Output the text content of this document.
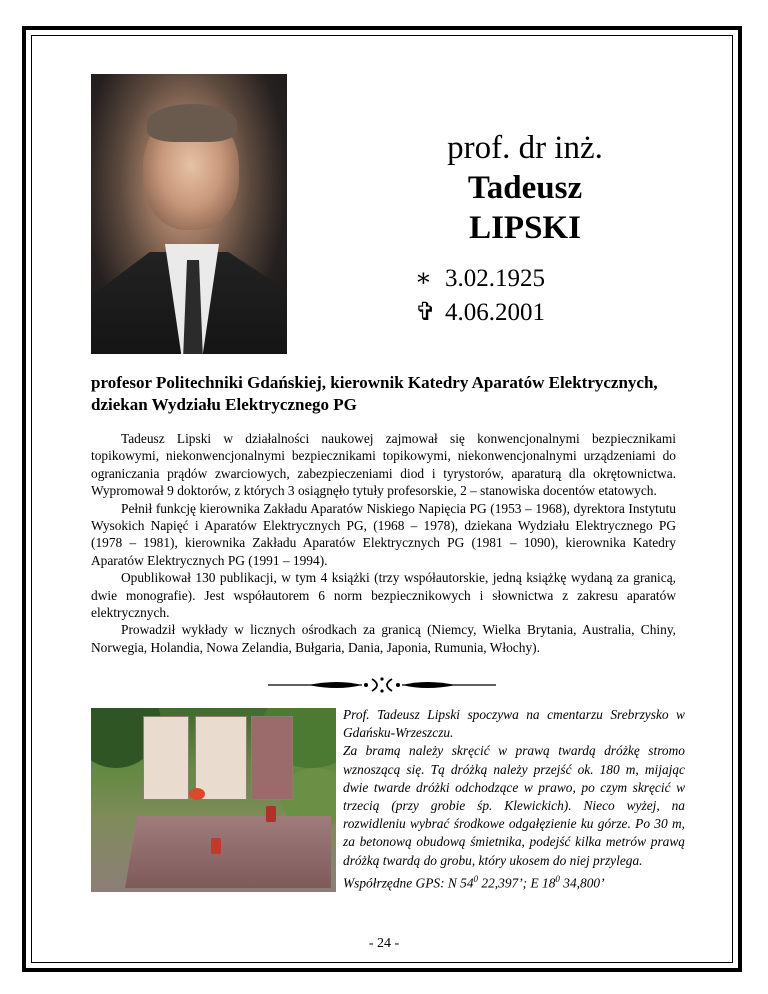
prof. dr inż.
Tadeusz
LIPSKI
∗ 3.02.1925
✞ 4.06.2001
profesor Politechniki Gdańskiej, kierownik Katedry Aparatów Elektrycznych, dziekan Wydziału Elektrycznego PG

Tadeusz Lipski w działalności naukowej zajmował się konwencjonalnymi bezpiecznikami topikowymi, niekonwencjonalnymi bezpiecznikami topikowymi, niekonwencjonalnymi urządzeniami do ograniczania prądów zwarciowych, zabezpieczeniami diod i tyrystorów, aparaturą dla okrętownictwa. Wypromował 9 doktorów, z których 3 osiągnęło tytuły profesorskie, 2 – stanowiska docentów etatowych.

Pełnił funkcję kierownika Zakładu Aparatów Niskiego Napięcia PG (1953 – 1968), dyrektora Instytutu Wysokich Napięć i Aparatów Elektrycznych PG, (1968 – 1978), dziekana Wydziału Elektrycznego PG (1978 – 1981), kierownika Zakładu Aparatów Elektrycznych PG (1981 – 1090), kierownika Katedry Aparatów Elektrycznych PG (1991 – 1994).

Opublikował 130 publikacji, w tym 4 książki (trzy współautorskie, jedną książkę wydaną za granicą, dwie monografie). Jest współautorem 6 norm bezpiecznikowych i słownictwa z zakresu aparatów elektrycznych.

Prowadził wykłady w licznych ośrodkach za granicą (Niemcy, Wielka Brytania, Australia, Chiny, Norwegia, Holandia, Nowa Zelandia, Bułgaria, Dania, Japonia, Rumunia, Włochy).

Prof. Tadeusz Lipski spoczywa na cmentarzu Srebrzysko w Gdańsku-Wrzeszczu.

Za bramą należy skręcić w prawą twardą dróżkę stromo wznoszącą się. Tą dróżką należy przejść ok. 180 m, mijając dwie twarde dróżki odchodzące w prawo, po czym skręcić w trzecią (przy grobie śp. Klewickich). Nieco wyżej, na rozwidleniu wybrać środkowe odgałęzienie ku górze. Po 30 m, za betonową obudową śmietnika, podejść kilka metrów prawą dróżką twardą do grobu, który ukosem do niej przylega.

Współrzędne GPS: N $54^0$ 22,397’; E $18^0$ 34,800’

- 24 -
